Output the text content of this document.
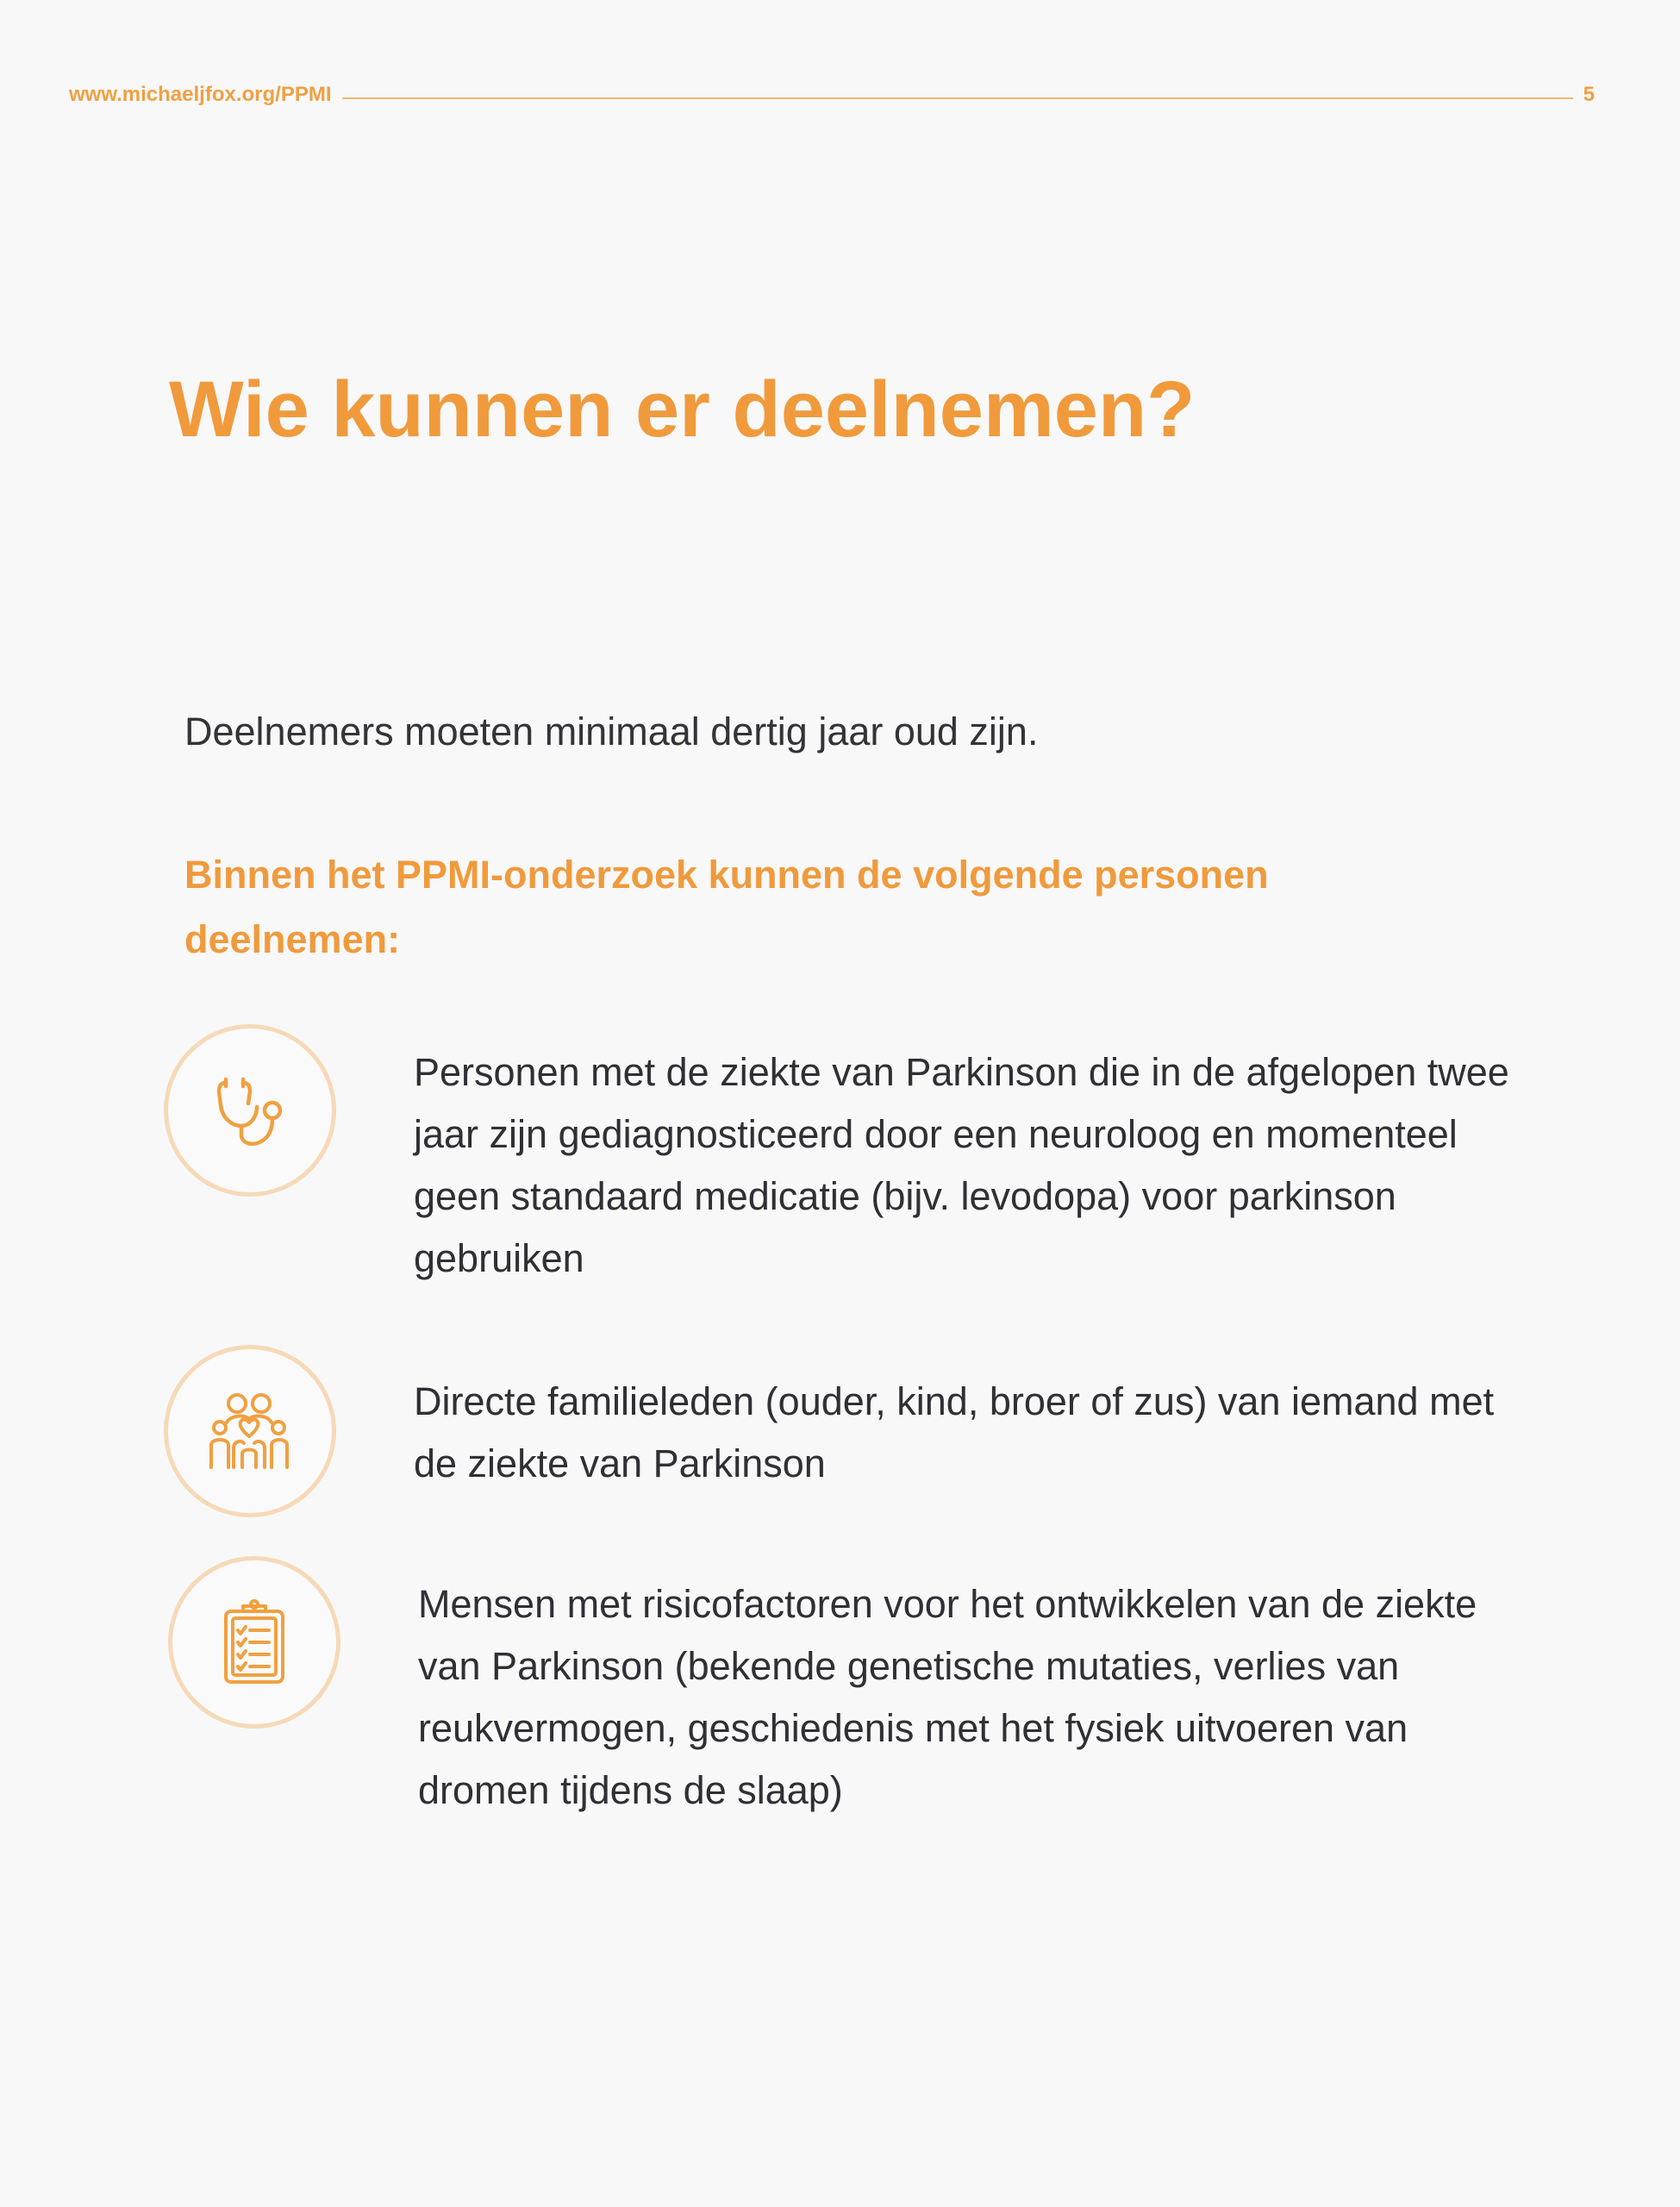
www.michaeljfox.org/PPMI	5
Wie kunnen er deelnemen?

Deelnemers moeten minimaal dertig jaar oud zijn.

Binnen het PPMI-onderzoek kunnen de volgende personen deelnemen:

Personen met de ziekte van Parkinson die in de afgelopen twee jaar zijn gediagnosticeerd door een neuroloog en momenteel geen standaard medicatie (bijv. levodopa) voor parkinson gebruiken

Directe familieleden (ouder, kind, broer of zus) van iemand met de ziekte van Parkinson

Mensen met risicofactoren voor het ontwikkelen van de ziekte van Parkinson (bekende genetische mutaties, verlies van reukvermogen, geschiedenis met het fysiek uitvoeren van dromen tijdens de slaap)
